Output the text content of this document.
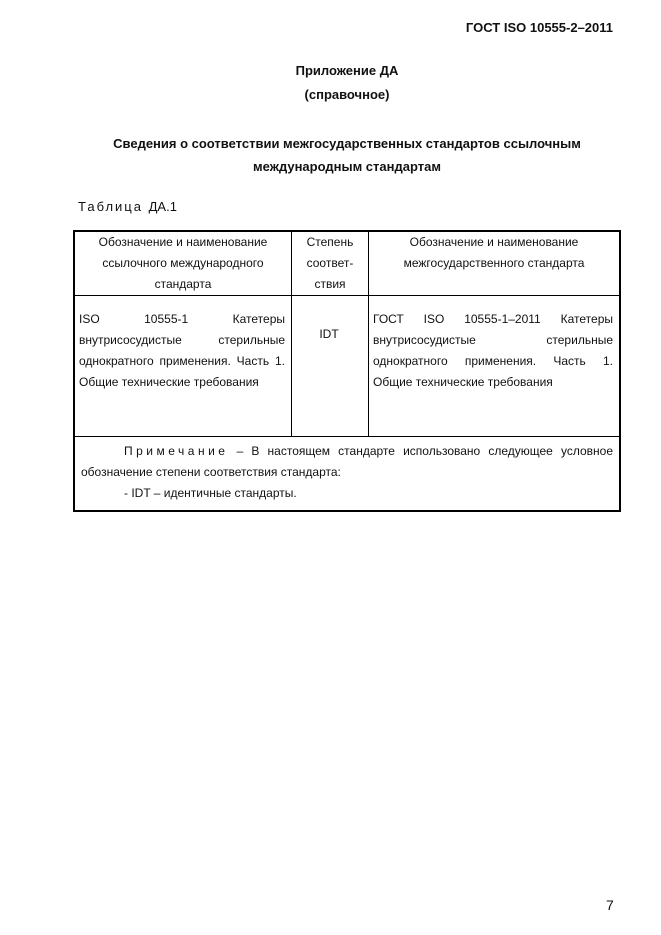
ГОСТ ISO 10555-2–2011
Приложение ДА
(справочное)
Сведения о соответствии межгосударственных стандартов ссылочным
международным стандартам
Таблица ДА.1
Обозначение и наименование ссылочного международного стандарта	Степень соответ-ствия	Обозначение и наименование межгосударственного стандарта
ISO 10555-1 Катетеры внутрисосудистые стерильные однократного применения. Часть 1. Общие технические требования	IDT	ГОСТ ISO 10555-1–2011 Катетеры внутрисосудистые стерильные однократного применения. Часть 1. Общие технические требования

Примечание – В настоящем стандарте использовано следующее условное обозначение степени соответствия стандарта:
- IDT – идентичные стандарты.		
7
